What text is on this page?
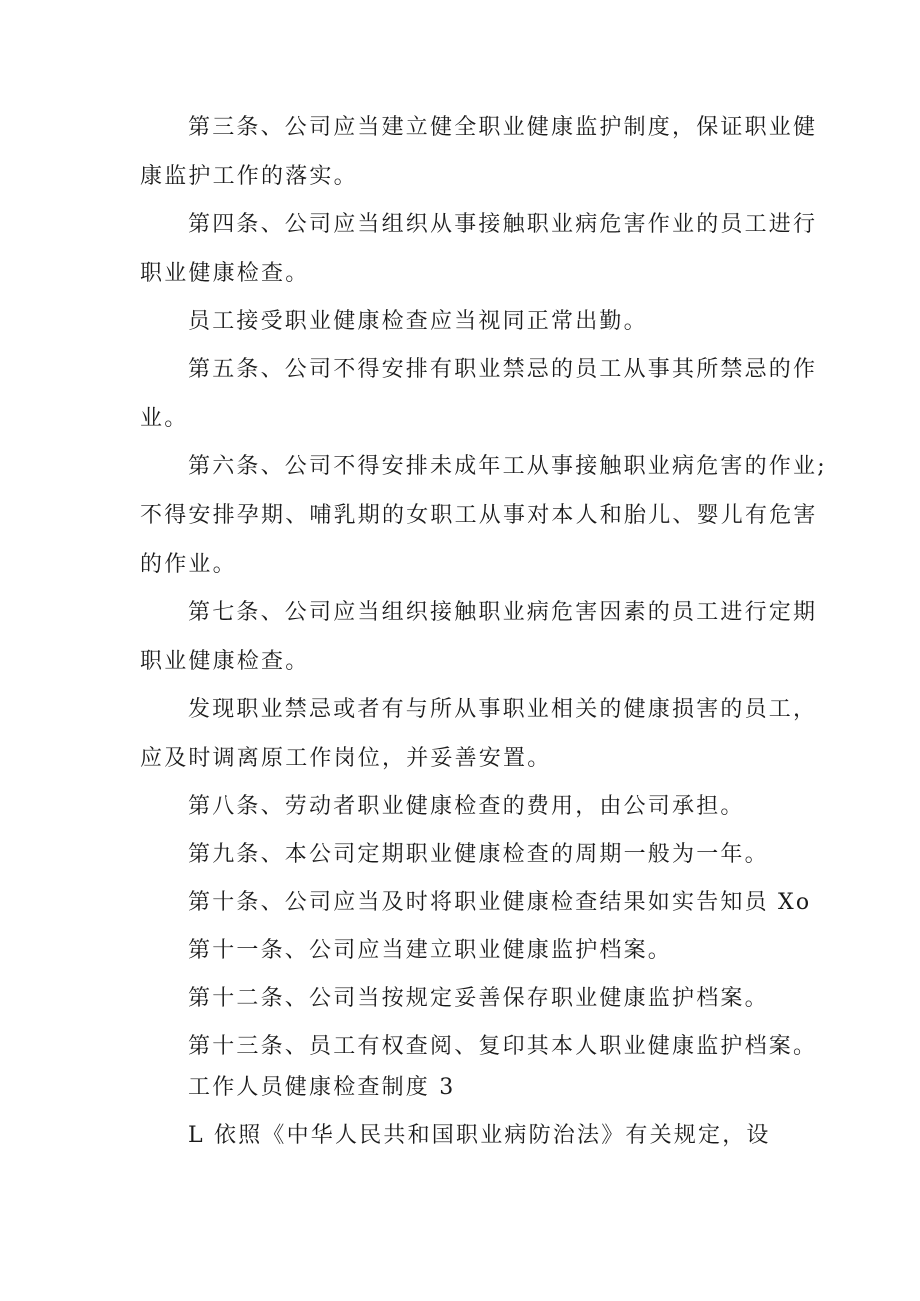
第三条、公司应当建立健全职业健康监护制度，保证职业健
康监护工作的落实。
第四条、公司应当组织从事接触职业病危害作业的员工进行
职业健康检查。
员工接受职业健康检查应当视同正常出勤。
第五条、公司不得安排有职业禁忌的员工从事其所禁忌的作
业。
第六条、公司不得安排未成年工从事接触职业病危害的作业;
不得安排孕期、哺乳期的女职工从事对本人和胎儿、婴儿有危害
的作业。
第七条、公司应当组织接触职业病危害因素的员工进行定期
职业健康检查。
发现职业禁忌或者有与所从事职业相关的健康损害的员工，
应及时调离原工作岗位，并妥善安置。
第八条、劳动者职业健康检查的费用，由公司承担。
第九条、本公司定期职业健康检查的周期一般为一年。
第十条、公司应当及时将职业健康检查结果如实告知员 Xo
第十一条、公司应当建立职业健康监护档案。
第十二条、公司当按规定妥善保存职业健康监护档案。
第十三条、员工有权查阅、复印其本人职业健康监护档案。
工作人员健康检查制度 3
L 依照《中华人民共和国职业病防治法》有关规定，设
